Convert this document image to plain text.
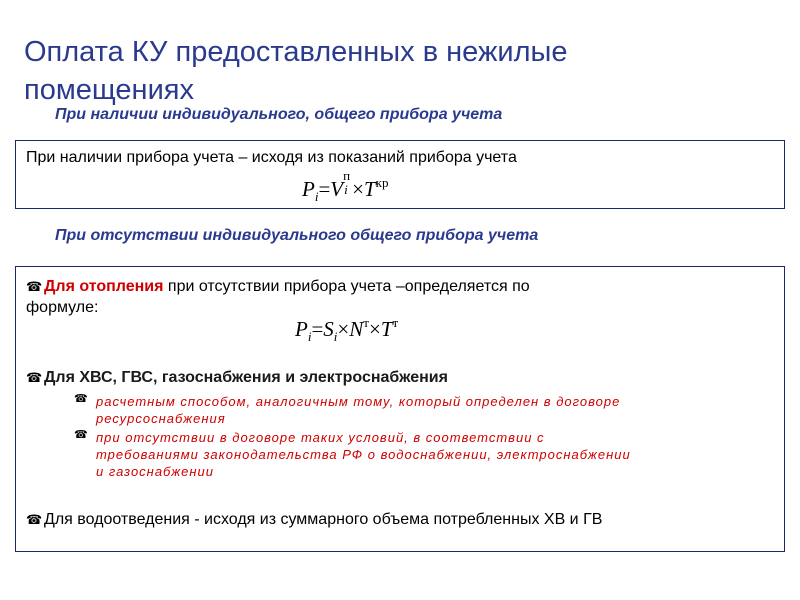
Оплата КУ предоставленных в нежилые помещениях
При наличии индивидуального, общего прибора учета
При наличии прибора учета – исходя из показаний прибора учета
$P_i=V$
п
$i \times T^{кр}$
При отсутствии индивидуального общего прибора учета
☎ Для отопления при отсутствии прибора учета –определяется по
формуле:
$P_i=S_i\times N^т\times T^т$
☎ Для ХВС, ГВС, газоснабжения и электроснабжения
☎ расчетным способом, аналогичным тому, который определен в договоре
ресурсоснабжения
☎ при отсутствии в договоре таких условий, в соответствии с
требованиями законодательства РФ о водоснабжении, электроснабжении
и газоснабжении
☎ Для водоотведения - исходя из суммарного объема потребленных ХВ и ГВ
